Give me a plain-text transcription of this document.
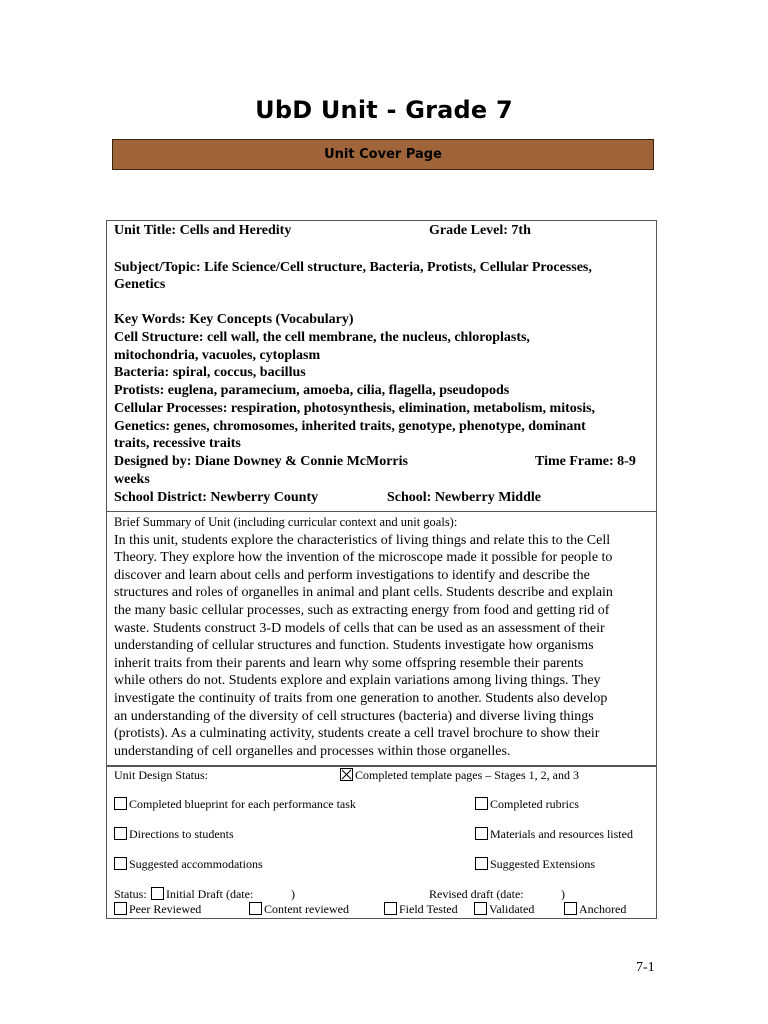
UbD Unit - Grade 7
Unit Cover Page
Unit Title: Cells and Heredity	Grade Level: 7th
Subject/Topic: Life Science/Cell structure, Bacteria, Protists, Cellular Processes,
Genetics
Key Words: Key Concepts (Vocabulary)
Cell Structure: cell wall, the cell membrane, the nucleus, chloroplasts,
mitochondria, vacuoles, cytoplasm
Bacteria: spiral, coccus, bacillus
Protists: euglena, paramecium, amoeba, cilia, flagella, pseudopods
Cellular Processes: respiration, photosynthesis, elimination, metabolism, mitosis,
Genetics: genes, chromosomes, inherited traits, genotype, phenotype, dominant
traits, recessive traits
Designed by: Diane Downey & Connie McMorris	Time Frame: 8-9
weeks
School District: Newberry County	School: Newberry Middle
Brief Summary of Unit (including curricular context and unit goals):
In this unit, students explore the characteristics of living things and relate this to the Cell
Theory. They explore how the invention of the microscope made it possible for people to
discover and learn about cells and perform investigations to identify and describe the
structures and roles of organelles in animal and plant cells. Students describe and explain
the many basic cellular processes, such as extracting energy from food and getting rid of
waste. Students construct 3-D models of cells that can be used as an assessment of their
understanding of cellular structures and function. Students investigate how organisms
inherit traits from their parents and learn why some offspring resemble their parents
while others do not. Students explore and explain variations among living things. They
investigate the continuity of traits from one generation to another. Students also develop
an understanding of the diversity of cell structures (bacteria) and diverse living things
(protists). As a culminating activity, students create a cell travel brochure to show their
understanding of cell organelles and processes within those organelles.
Unit Design Status:	Completed template pages – Stages 1, 2, and 3
Completed blueprint for each performance task	Completed rubrics
Directions to students	Materials and resources listed
Suggested accommodations	Suggested Extensions
Status:	Initial Draft (date:	)	Revised draft (date:	)
Peer Reviewed	Content reviewed	Field Tested	Validated	Anchored
7-1
